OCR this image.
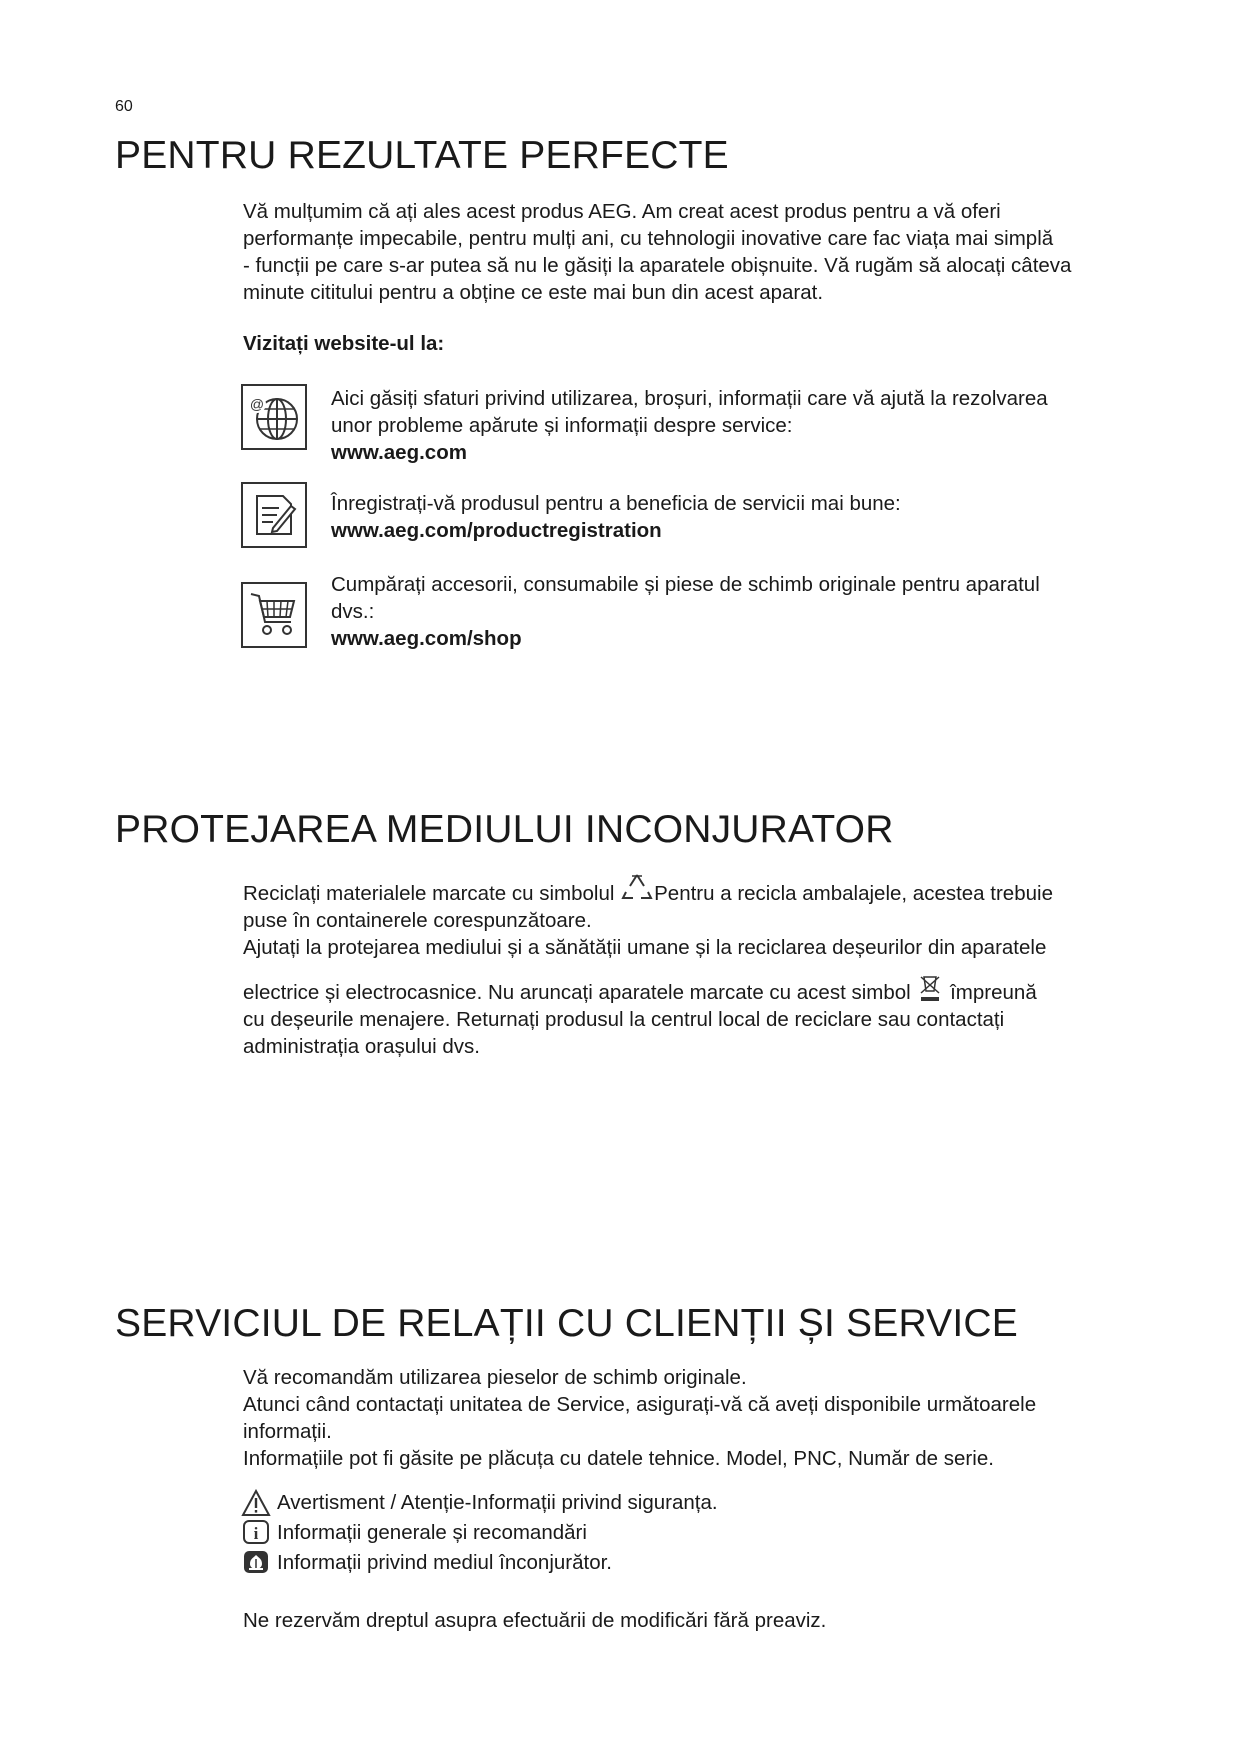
60
PENTRU REZULTATE PERFECTE
Vă mulțumim că ați ales acest produs AEG. Am creat acest produs pentru a vă oferi
performanțe impecabile, pentru mulți ani, cu tehnologii inovative care fac viața mai simplă
- funcții pe care s-ar putea să nu le găsiți la aparatele obișnuite. Vă rugăm să alocați câteva
minute cititului pentru a obține ce este mai bun din acest aparat.
Vizitați website-ul la:
@	Aici găsiți sfaturi privind utilizarea, broșuri, informații care vă ajută la rezolvarea
unor probleme apărute și informații despre service:
www.aeg.com
Înregistrați-vă produsul pentru a beneficia de servicii mai bune:
www.aeg.com/productregistration
Cumpărați accesorii, consumabile și piese de schimb originale pentru aparatul
dvs.:
www.aeg.com/shop
PROTEJAREA MEDIULUI INCONJURATOR
Reciclați materialele marcate cu simbolul Pentru a recicla ambalajele, acestea trebuie
puse în containerele corespunzătoare.
Ajutați la protejarea mediului și a sănătății umane și la reciclarea deșeurilor din aparatele
electrice și electrocasnice. Nu aruncați aparatele marcate cu acest simbol împreună
cu deșeurile menajere. Returnați produsul la centrul local de reciclare sau contactați
administrația orașului dvs.
SERVICIUL DE RELAȚII CU CLIENȚII ȘI SERVICE
Vă recomandăm utilizarea pieselor de schimb originale.
Atunci când contactați unitatea de Service, asigurați-vă că aveți disponibile următoarele
informații.
Informațiile pot fi găsite pe plăcuța cu datele tehnice. Model, PNC, Număr de serie.
Avertisment / Atenție-Informații privind siguranța.
i Informații generale și recomandări
Informații privind mediul înconjurător.
Ne rezervăm dreptul asupra efectuării de modificări fără preaviz.
